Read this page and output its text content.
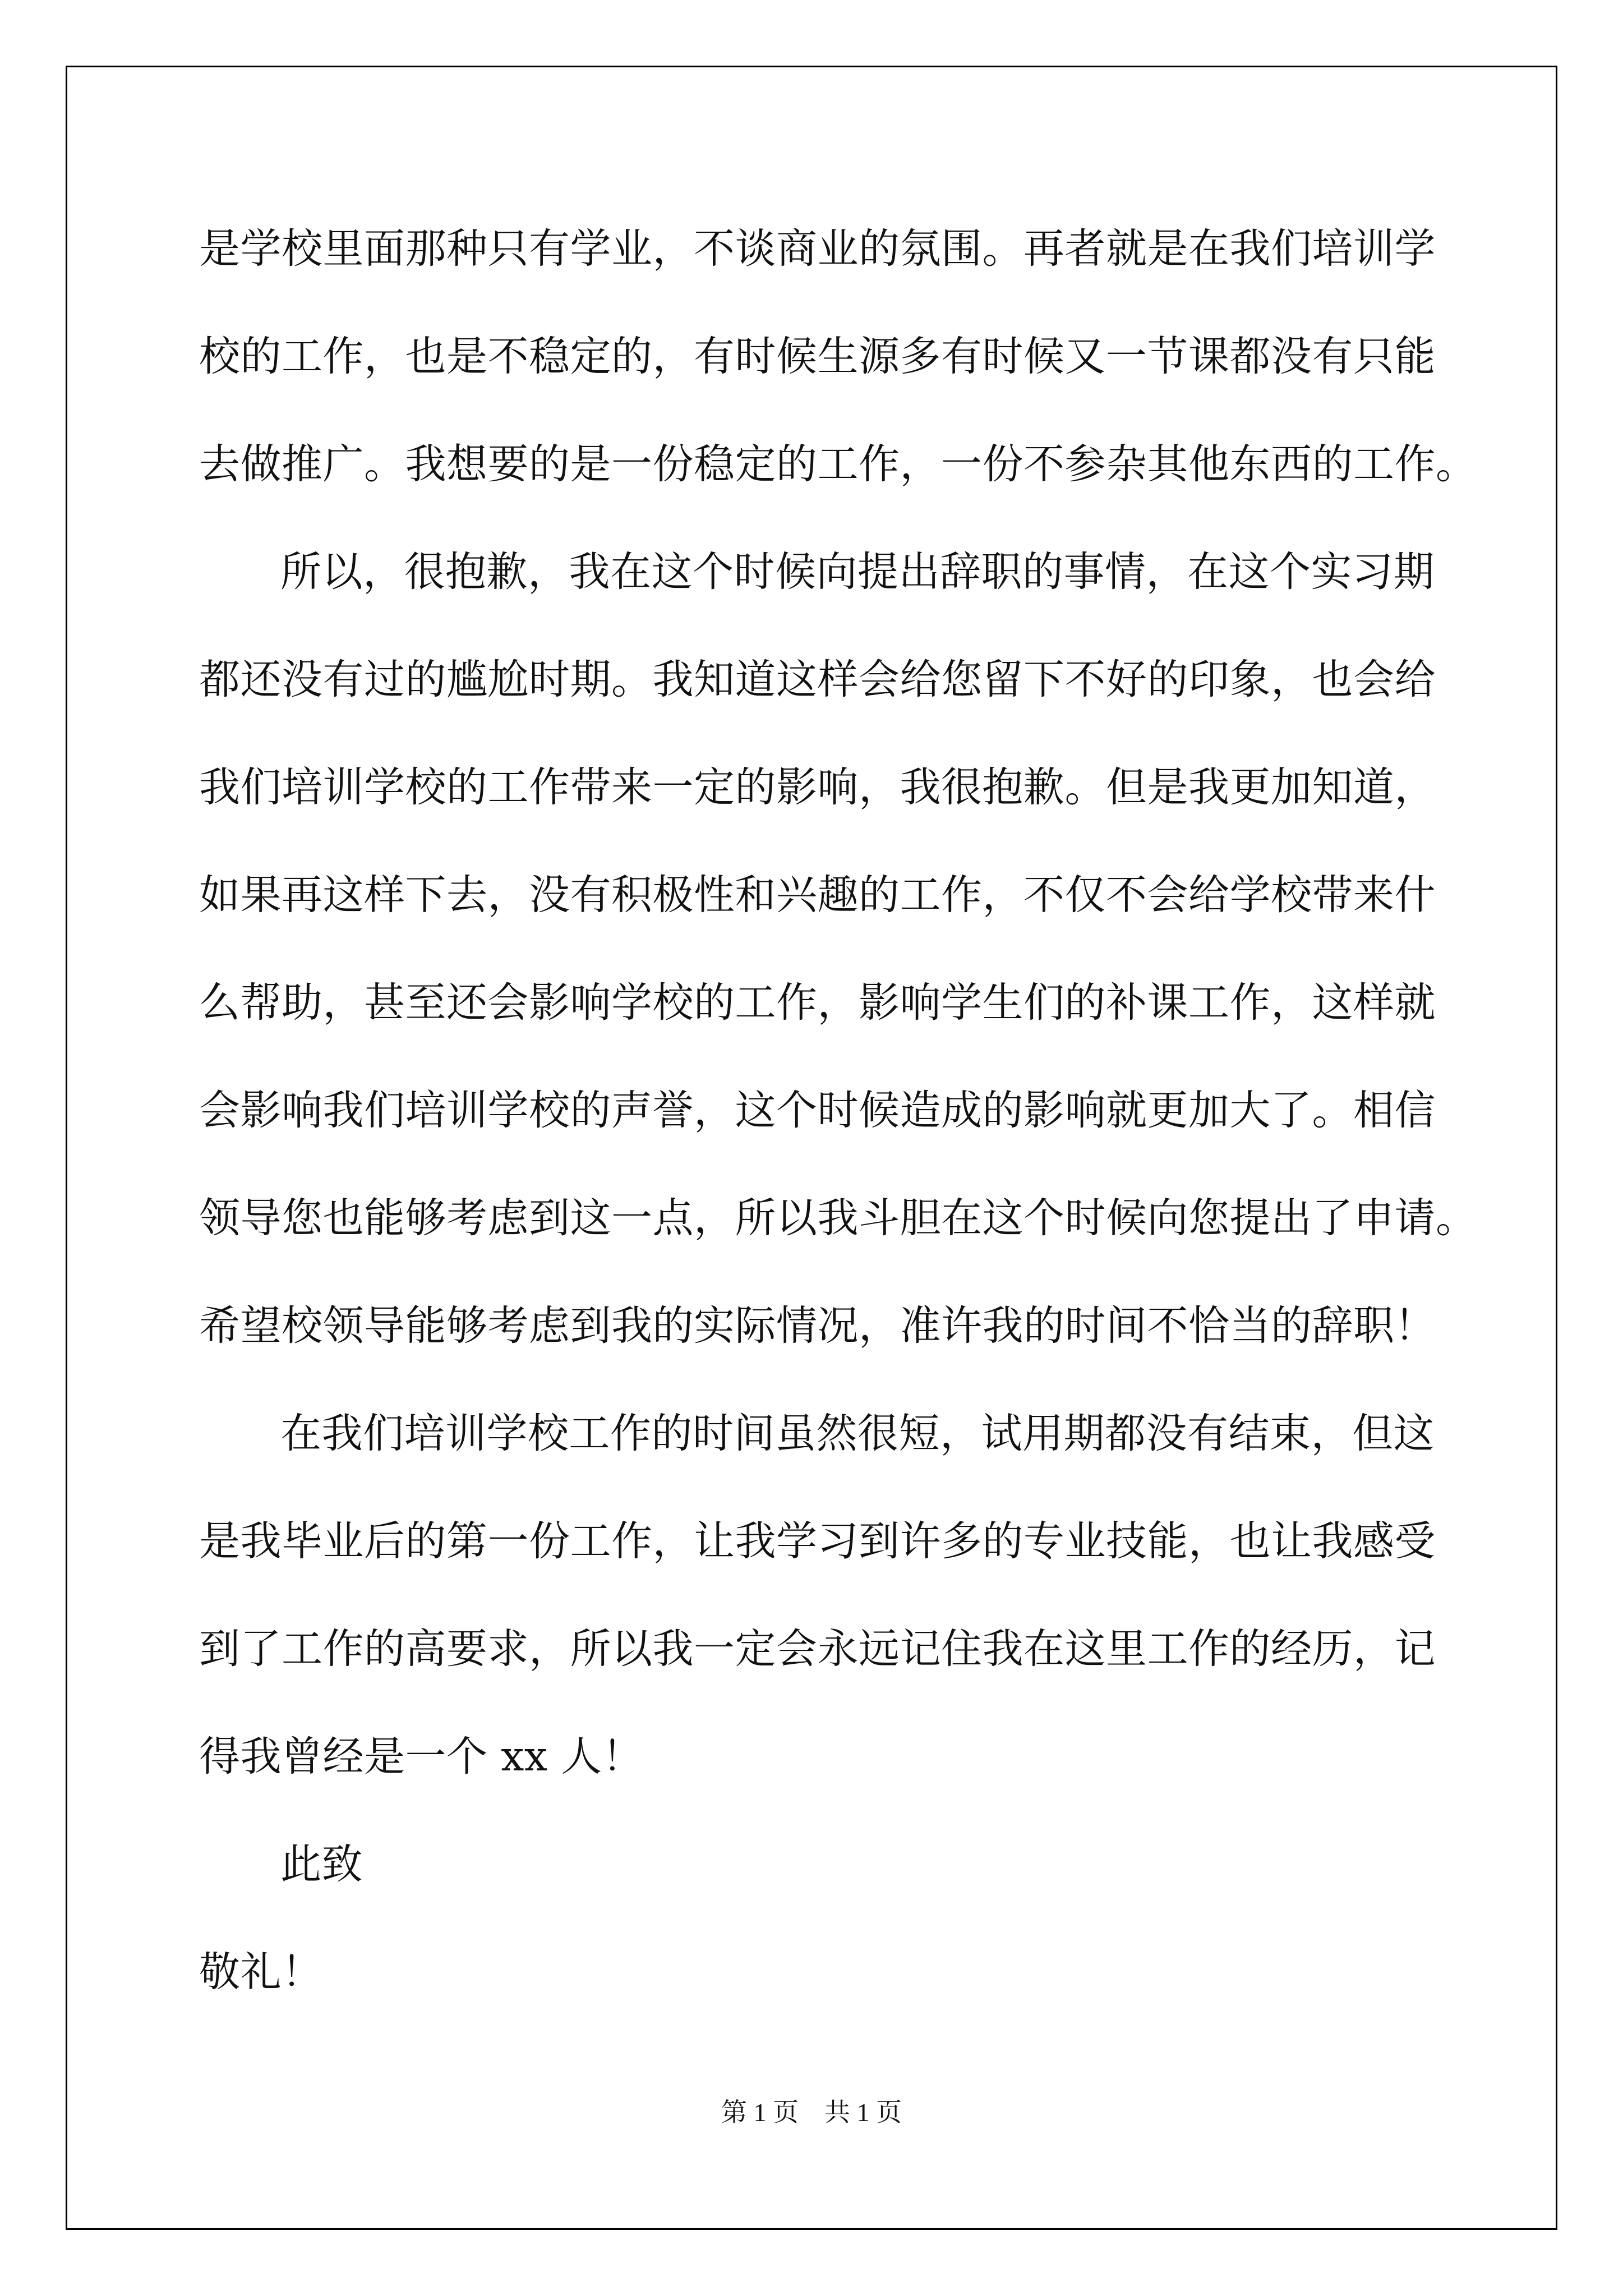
是学校里面那种只有学业，不谈商业的氛围。再者就是在我们培训学
校的工作，也是不稳定的，有时候生源多有时候又一节课都没有只能
去做推广。我想要的是一份稳定的工作，一份不参杂其他东西的工作。
所以，很抱歉，我在这个时候向提出辞职的事情，在这个实习期
都还没有过的尴尬时期。我知道这样会给您留下不好的印象，也会给
我们培训学校的工作带来一定的影响，我很抱歉。但是我更加知道，
如果再这样下去，没有积极性和兴趣的工作，不仅不会给学校带来什
么帮助，甚至还会影响学校的工作，影响学生们的补课工作，这样就
会影响我们培训学校的声誉，这个时候造成的影响就更加大了。相信
领导您也能够考虑到这一点，所以我斗胆在这个时候向您提出了申请。
希望校领导能够考虑到我的实际情况，准许我的时间不恰当的辞职！
在我们培训学校工作的时间虽然很短，试用期都没有结束，但这
是我毕业后的第一份工作，让我学习到许多的专业技能，也让我感受
到了工作的高要求，所以我一定会永远记住我在这里工作的经历，记
得我曾经是一个 xx 人！
此致
敬礼！
第 1 页    共 1 页
